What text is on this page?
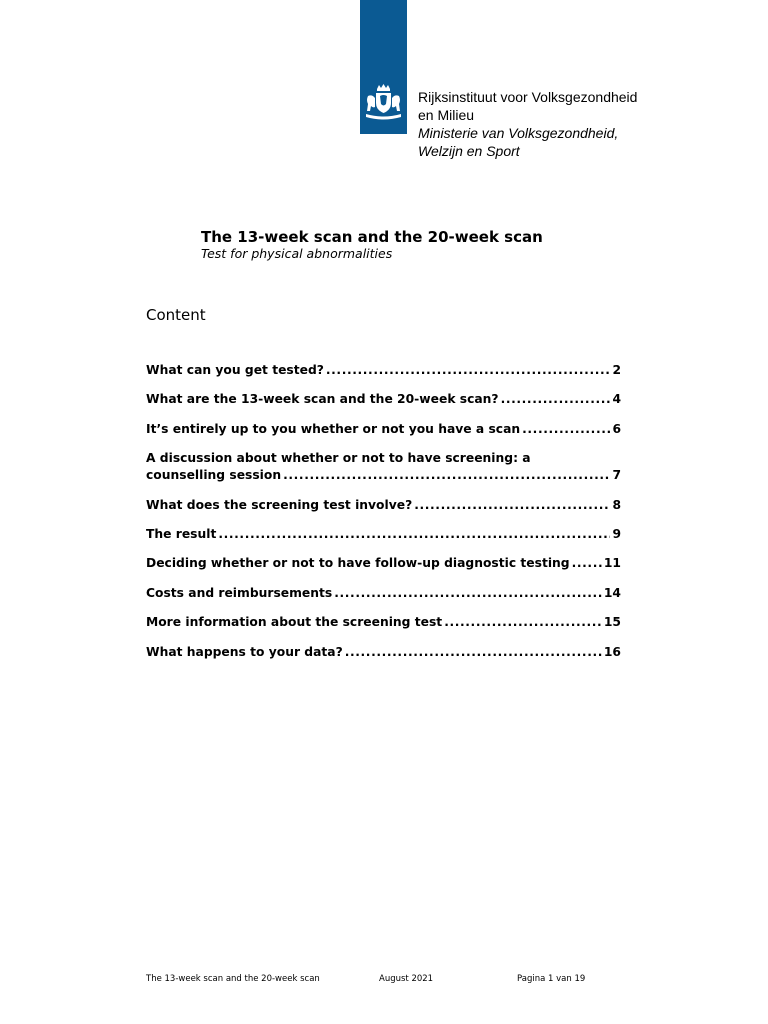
Rijksinstituut voor Volksgezondheid
en Milieu
Ministerie van Volksgezondheid,
Welzijn en Sport
The 13-week scan and the 20-week scan

Test for physical abnormalities

Content
What can you get tested? .....	2
What are the 13-week scan and the 20-week scan? .....	4
It’s entirely up to you whether or not you have a scan .....	6
A discussion about whether or not to have screening: a
counselling session .....	7
What does the screening test involve? .....	8
The result .....	9
Deciding whether or not to have follow-up diagnostic testing .....	11
Costs and reimbursements .....	14
More information about the screening test .....	15
What happens to your data? .....	16
The 13-week scan and the 20-week scan	August 2021	Pagina 1 van 19
